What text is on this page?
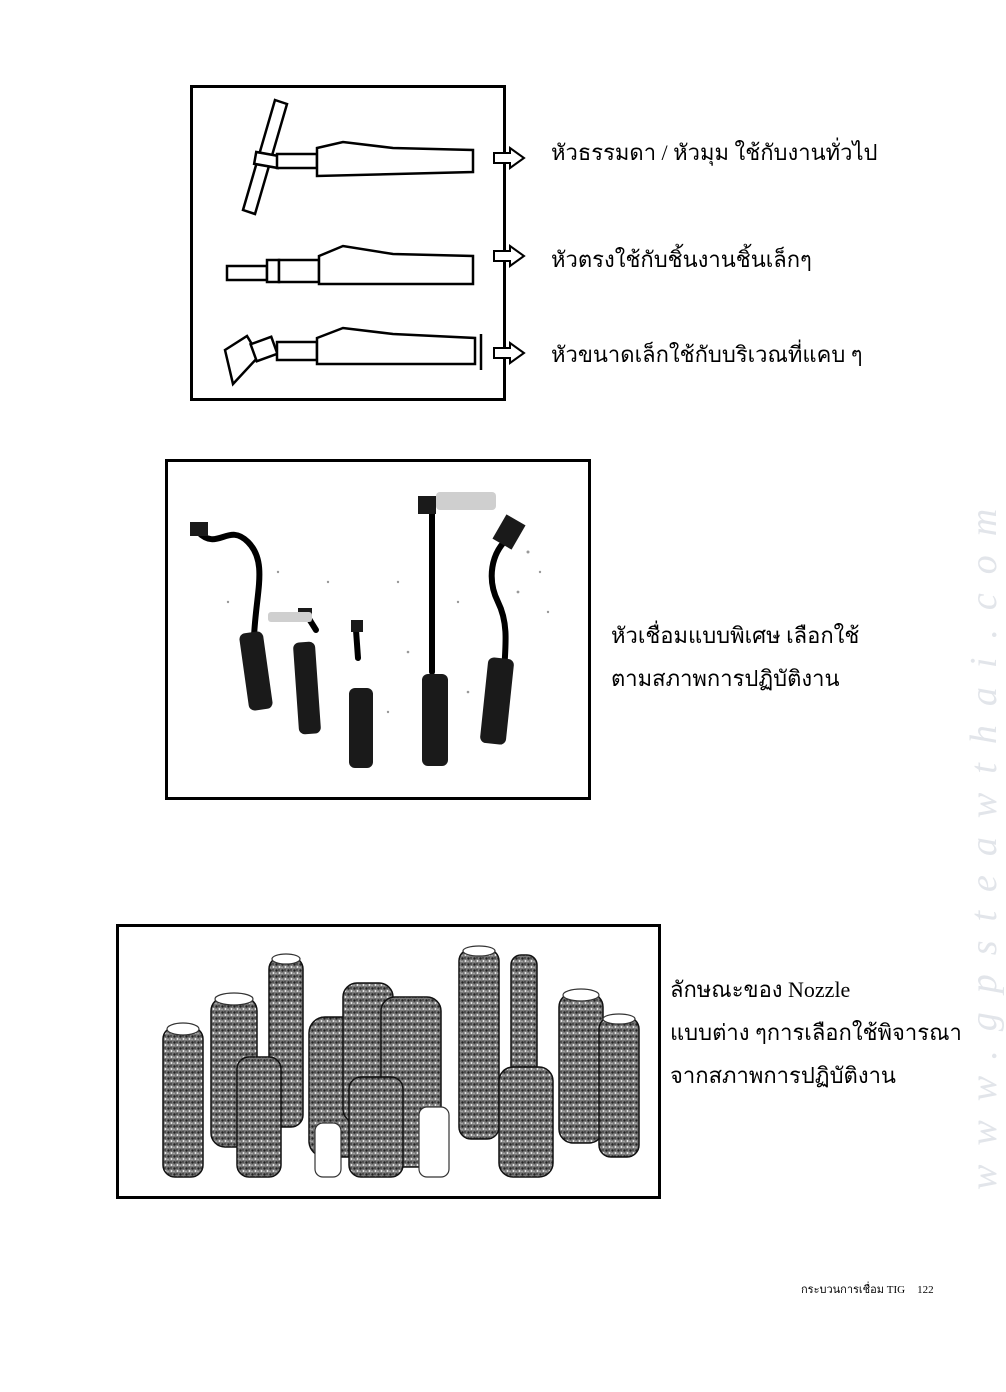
www.gpsteawthai.com
หัวธรรมดา / หัวมุม ใช้กับงานทั่วไป
หัวตรงใช้กับชิ้นงานชิ้นเล็กๆ
หัวขนาดเล็กใช้กับบริเวณที่แคบ ๆ
หัวเชื่อมแบบพิเศษ เลือกใช้
ตามสภาพการปฏิบัติงาน
ลักษณะของ Nozzle
แบบต่าง ๆการเลือกใช้พิจารณา
จากสภาพการปฏิบัติงาน
กระบวนการเชื่อม TIG 122
